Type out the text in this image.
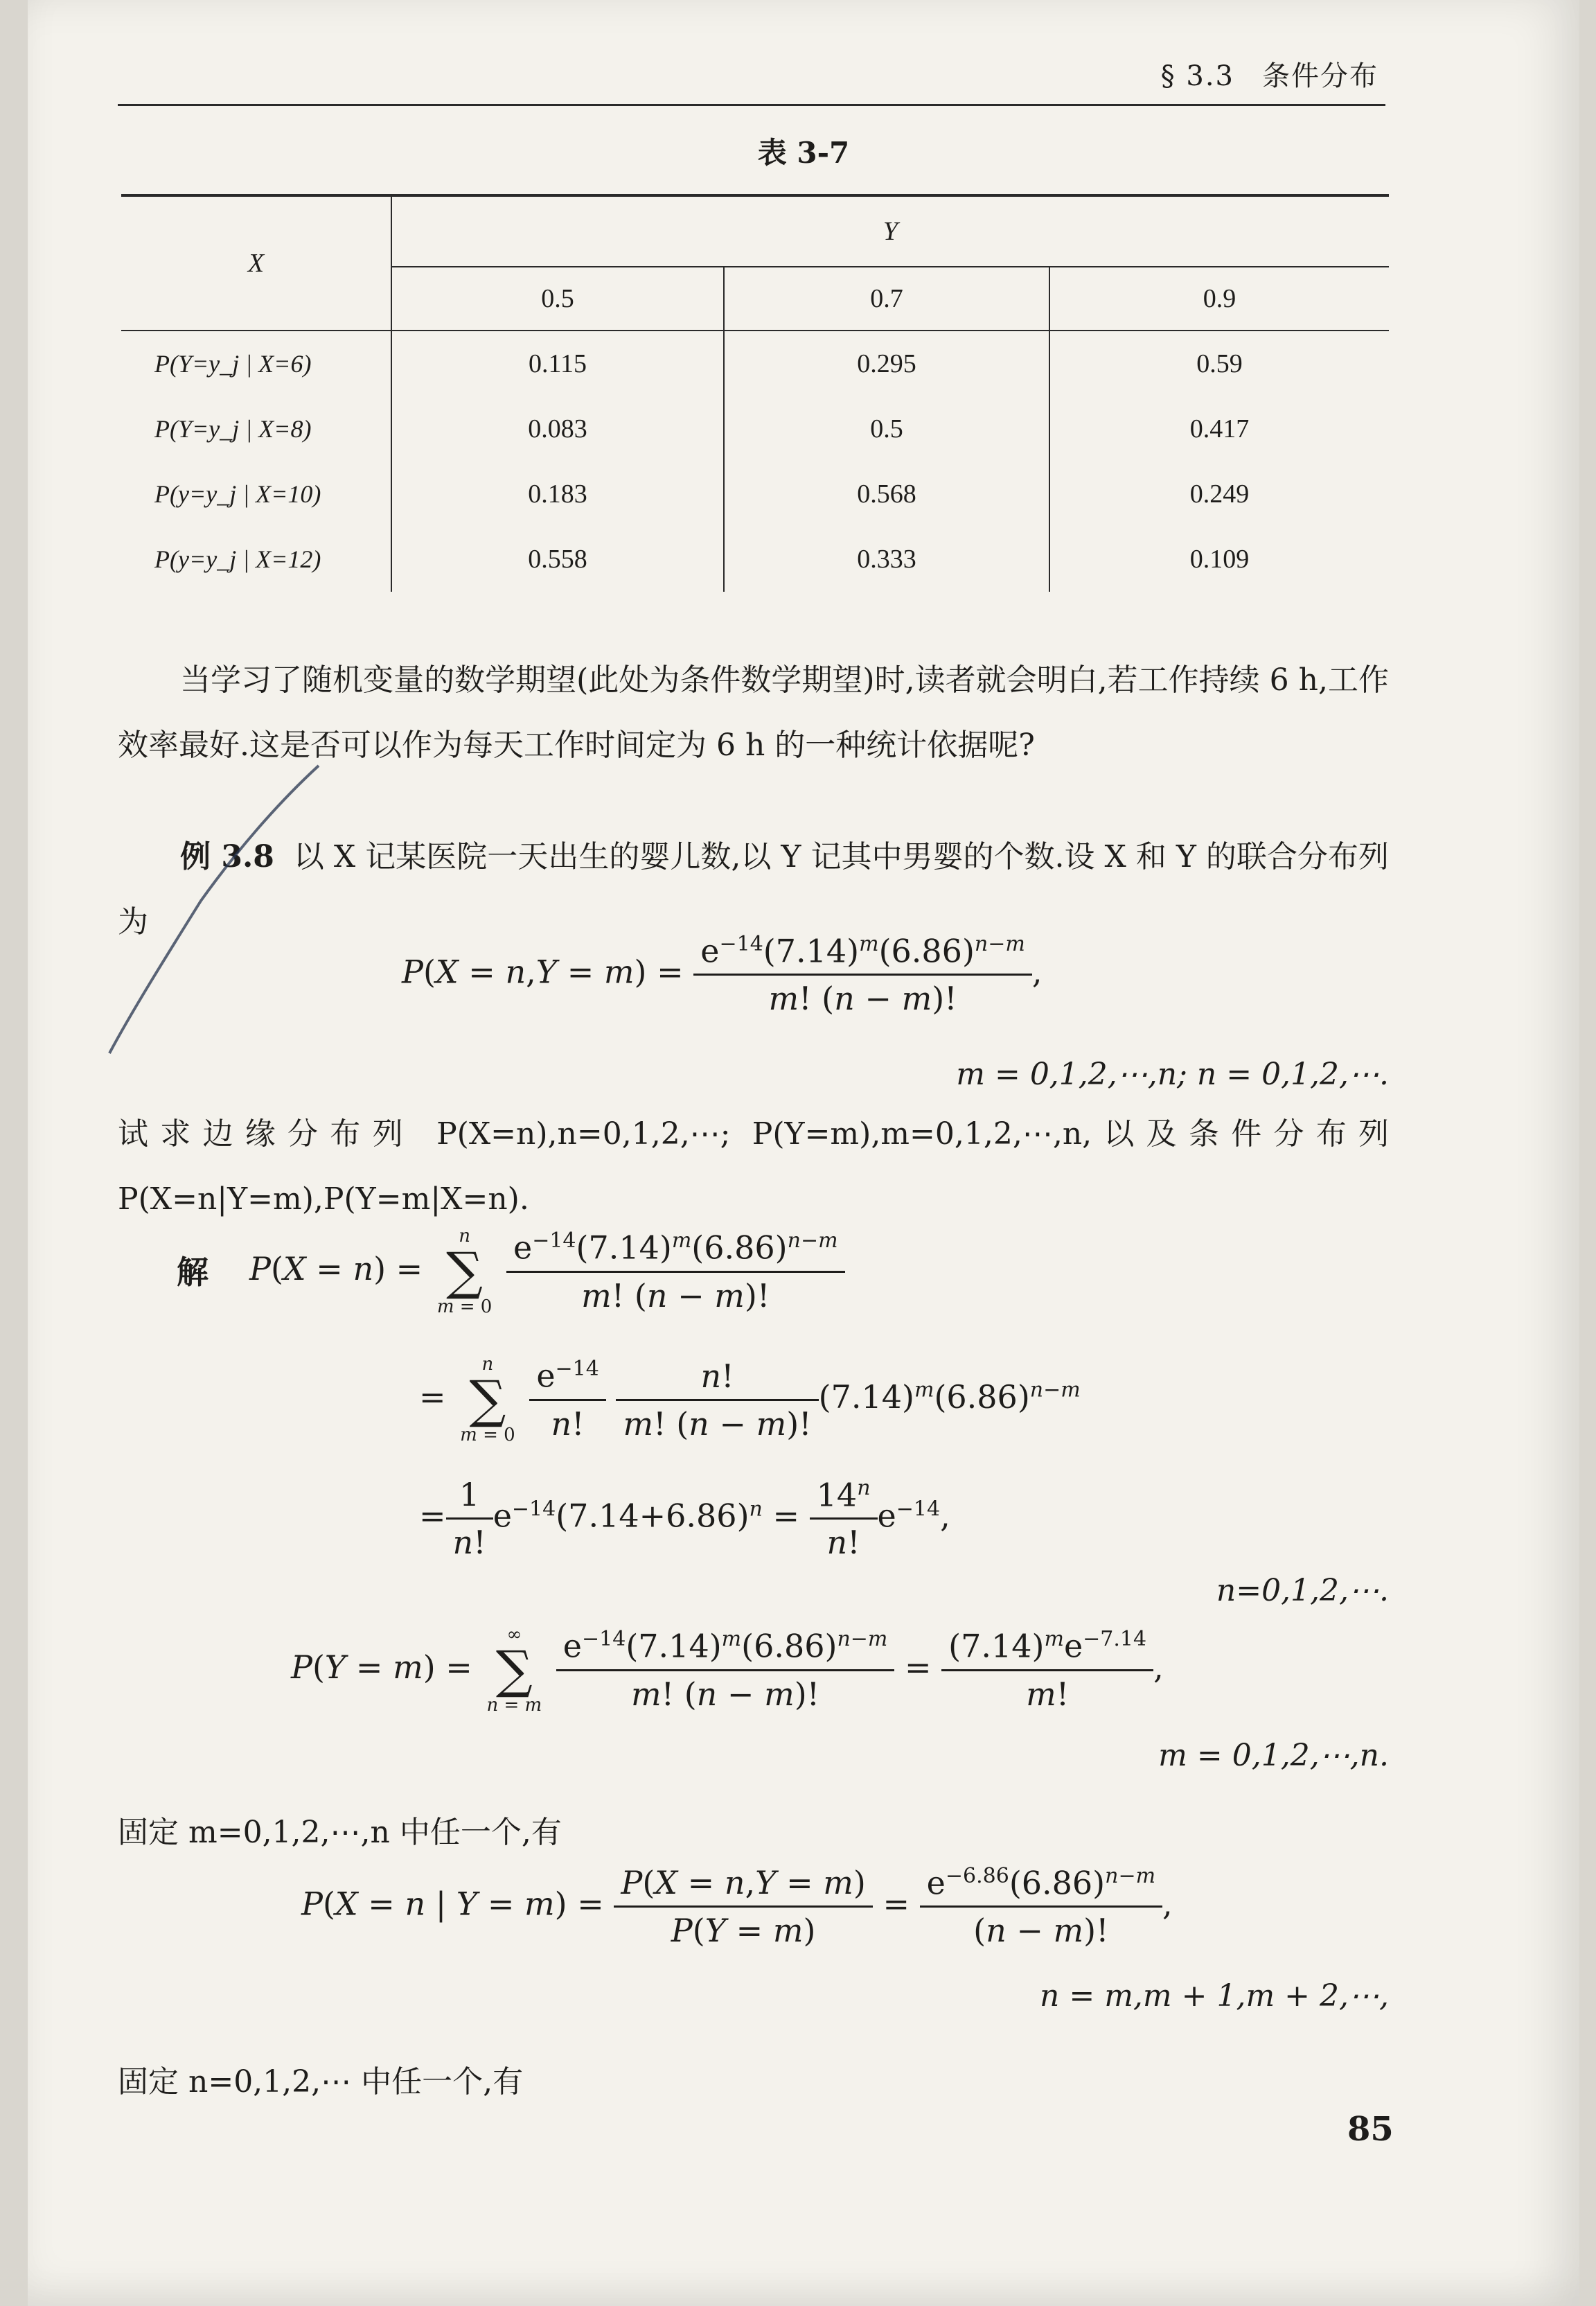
§ 3.3 条件分布
表 3-7
X	Y		
	0.5	0.7	0.9
P(Y=y_j | X=6)	0.115	0.295	0.59
P(Y=y_j | X=8)	0.083	0.5	0.417
P(y=y_j | X=10)	0.183	0.568	0.249
P(y=y_j | X=12)	0.558	0.333	0.109
当学习了随机变量的数学期望(此处为条件数学期望)时,读者就会明白,若工作持续 6 h,工作效率最好.这是否可以作为每天工作时间定为 6 h 的一种统计依据呢?
例 3.8 以 X 记某医院一天出生的婴儿数,以 Y 记其中男婴的个数.设 X 和 Y 的联合分布列为
$P(X = n,Y = m) = \frac{e^{-14}(7.14)^m(6.86)^{n-m}}{m! (n - m)!}$ ,
m = 0,1,2,⋯,n; n = 0,1,2,⋯.
试求边缘分布列 P(X=n),n=0,1,2,⋯; P(Y=m),m=0,1,2,⋯,n,以及条件分布列 P(X=n|Y=m),P(Y=m|X=n).
解 P(X = n) = n
∑
$m = 0 \frac{e^{-14}(7.14)^m(6.86)^{n-m}}{m! (n - m)!}$
= n
∑
$m = 0 \frac{e^{-14}}{n!}$
$\frac{n!}{m! (n - m)!} (7.14)^m(6.86)^{n-m}$
= $\frac{1}{n!} e^{-14}(7.14+6.86)^n = \frac{14^n}{n!} e^{-14}$,
n=0,1,2,⋯.
P(Y = m) = ∞
∑
n = m $\frac{e^{-14}(7.14)^m(6.86)^{n-m}}{m! (n - m)!} = \frac{(7.14)^me^{-7.14}}{m!}$ ,
m = 0,1,2,⋯,n.
固定 m=0,1,2,⋯,n 中任一个,有
P(X = n | $Y = m) = \frac{P(X = n,Y = m)}{P(Y = m)} = \frac{e^{-6.86}(6.86)^{n-m}}{(n - m)!}$ ,
n = m,m + 1,m + 2,⋯,
固定 n=0,1,2,⋯ 中任一个,有
85
